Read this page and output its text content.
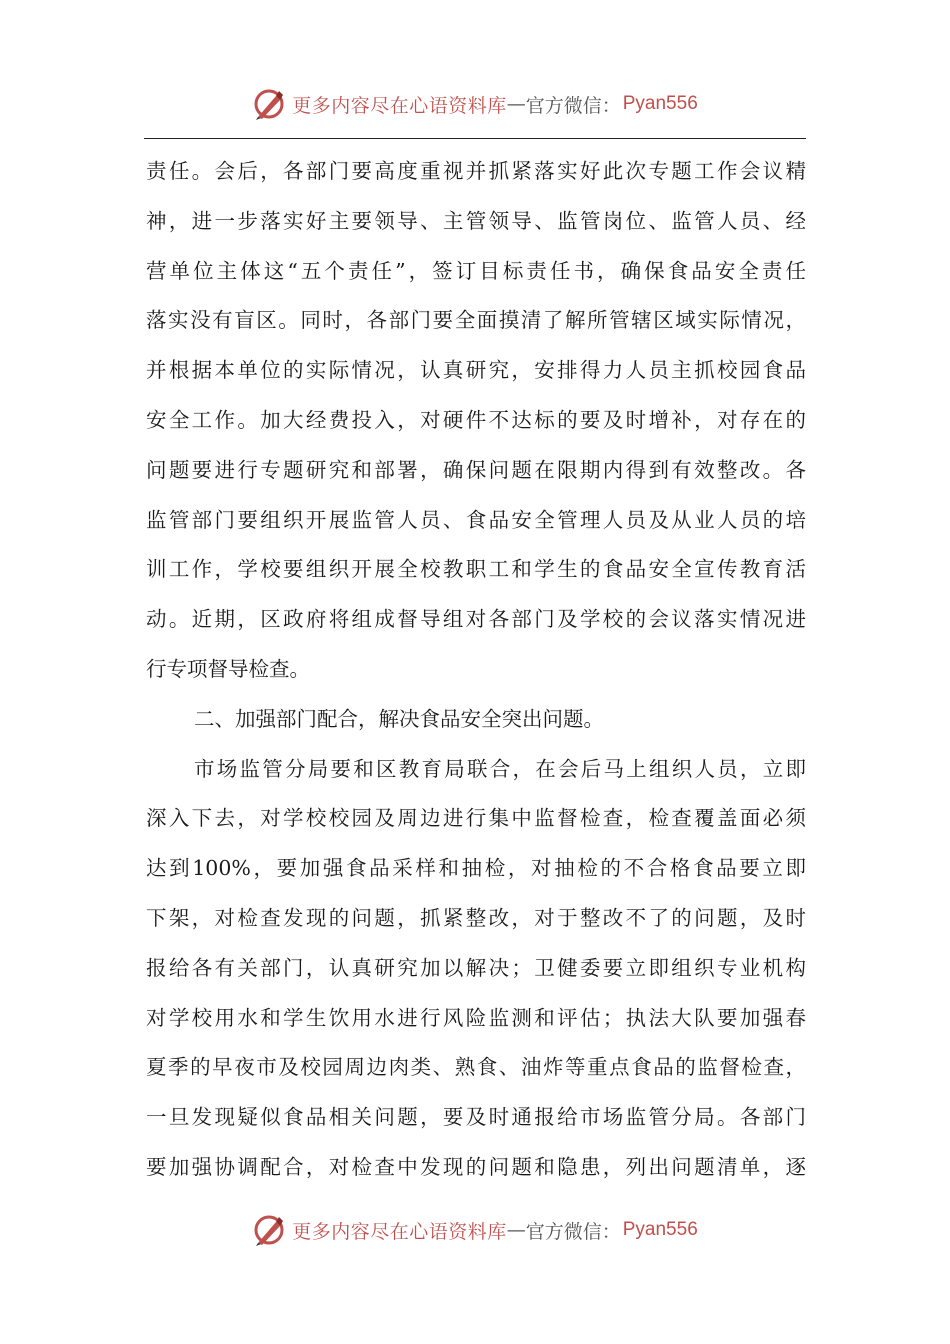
更多内容尽在心语资料库 — 官方微信： Pyan556
责任。会后，各部门要高度重视并抓紧落实好此次专题工作会议精
神，进一步落实好主要领导、主管领导、监管岗位、监管人员、经
营单位主体这“五个责任”，签订目标责任书，确保食品安全责任
落实没有盲区。同时，各部门要全面摸清了解所管辖区域实际情况，
并根据本单位的实际情况，认真研究，安排得力人员主抓校园食品
安全工作。加大经费投入，对硬件不达标的要及时增补，对存在的
问题要进行专题研究和部署，确保问题在限期内得到有效整改。各
监管部门要组织开展监管人员、食品安全管理人员及从业人员的培
训工作，学校要组织开展全校教职工和学生的食品安全宣传教育活
动。近期，区政府将组成督导组对各部门及学校的会议落实情况进
行专项督导检查。
二、加强部门配合，解决食品安全突出问题。
市场监管分局要和区教育局联合，在会后马上组织人员，立即
深入下去，对学校校园及周边进行集中监督检查，检查覆盖面必须
达到100%，要加强食品采样和抽检，对抽检的不合格食品要立即
下架，对检查发现的问题，抓紧整改，对于整改不了的问题，及时
报给各有关部门，认真研究加以解决；卫健委要立即组织专业机构
对学校用水和学生饮用水进行风险监测和评估；执法大队要加强春
夏季的早夜市及校园周边肉类、熟食、油炸等重点食品的监督检查，
一旦发现疑似食品相关问题，要及时通报给市场监管分局。各部门
要加强协调配合，对检查中发现的问题和隐患，列出问题清单，逐
更多内容尽在心语资料库 — 官方微信： Pyan556
